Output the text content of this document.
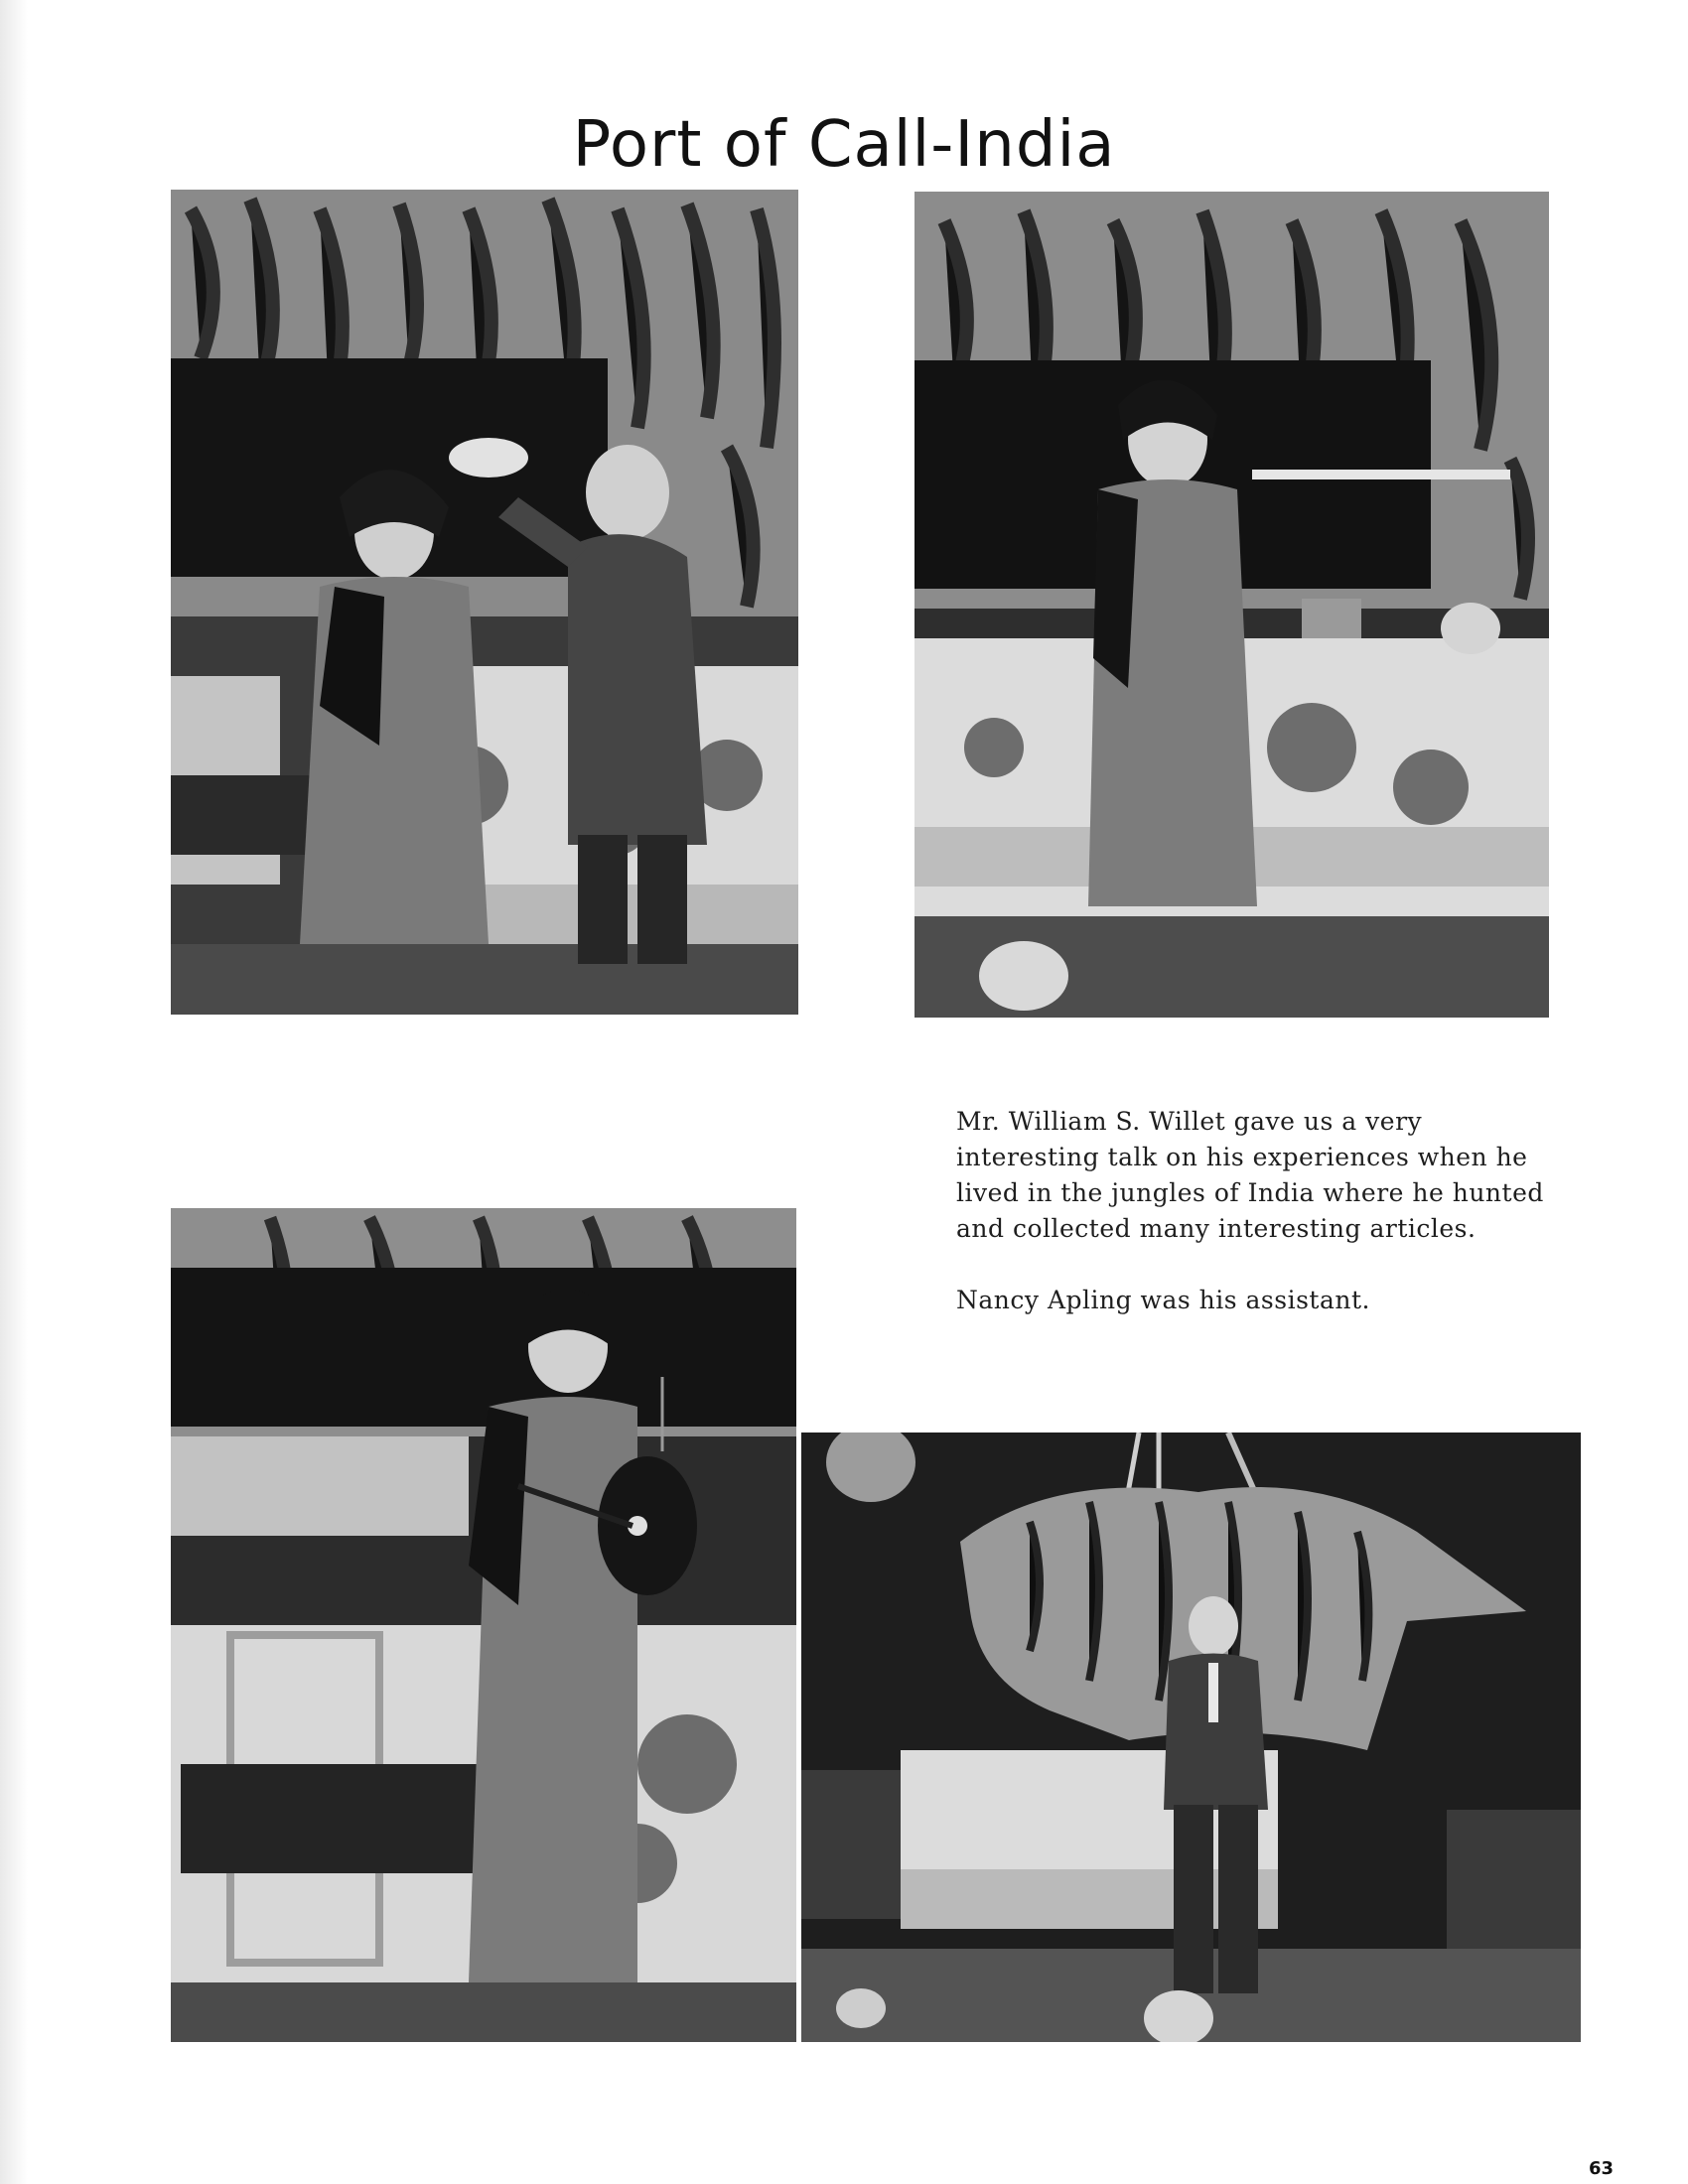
Port of Call-India

Mr. William S. Willet gave us a very interesting talk on his experiences when he lived in the jungles of India where he hunted and collected many interesting articles.

Nancy Apling was his assistant.

63
